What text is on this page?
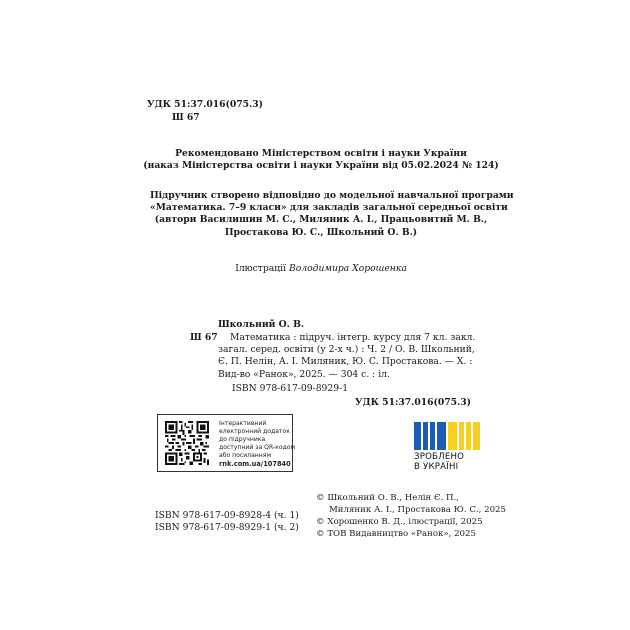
УДК 51:37.016(075.3)
Ш 67
Рекомендовано Міністерством освіти і науки України
(наказ Міністерства освіти і науки України від 05.02.2024 № 124)
Підручник створено відповідно до модельної навчальної програми
«Математика. 7–9 класи» для закладів загальної середньої освіти
(автори Василишин М. С., Миляник А. І., Працьовитий М. В.,
Простакова Ю. С., Школьний О. В.)
Ілюстрації Володимира Хорошенка
Школьний О. В.
Ш 67	Математика : підруч. інтегр. курсу для 7 кл. закл.
загал. серед. освіти (у 2-х ч.) : Ч. 2 / О. В. Школьний,
Є. П. Нелін, А. І. Миляник, Ю. С. Простакова. — Х. :
Вид-во «Ранок», 2025. — 304 с. : іл.
ISBN 978-617-09-8929-1
УДК 51:37.016(075.3)
Інтерактивний
електронний додаток
до підручника
доступний за QR-кодом
або посиланням
rnk.com.ua/107840
ЗРОБЛЕНО
В УКРАЇНІ
ISBN 978-617-09-8928-4 (ч. 1)
ISBN 978-617-09-8929-1 (ч. 2)
© Школьний О. В., Нелін Є. П.,
Миляник А. І., Простакова Ю. С., 2025
© Хорошенко В. Д., ілюстрації, 2025
© ТОВ Видавництво «Ранок», 2025
